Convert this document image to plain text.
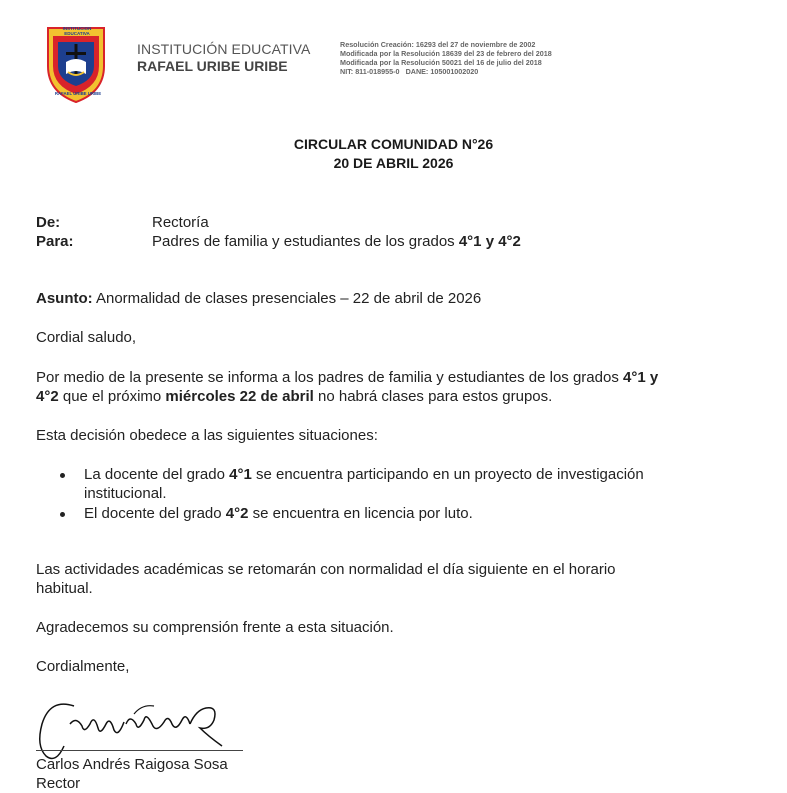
INSTITUCION EDUCATIVA
RAFAEL URIBE URIBE
INSTITUCIÓN EDUCATIVA
RAFAEL URIBE URIBE
Resolución Creación: 16293 del 27 de noviembre de 2002
Modificada por la Resolución 18639 del 23 de febrero del 2018
Modificada por la Resolución 50021 del 16 de julio del 2018
NIT: 811-018955-0 DANE: 105001002020
CIRCULAR COMUNIDAD N°26
20 DE ABRIL 2026
De:	Rectoría
Para:	Padres de familia y estudiantes de los grados 4°1 y 4°2
Asunto: Anormalidad de clases presenciales – 22 de abril de 2026
Cordial saludo,
Por medio de la presente se informa a los padres de familia y estudiantes de los grados 4°1 y
4°2 que el próximo miércoles 22 de abril no habrá clases para estos grupos.
Esta decisión obedece a las siguientes situaciones:
La docente del grado 4°1 se encuentra participando en un proyecto de investigación
institucional.
El docente del grado 4°2 se encuentra en licencia por luto.
Las actividades académicas se retomarán con normalidad el día siguiente en el horario
habitual.
Agradecemos su comprensión frente a esta situación.
Cordialmente,
Carlos Andrés Raigosa Sosa
Rector
